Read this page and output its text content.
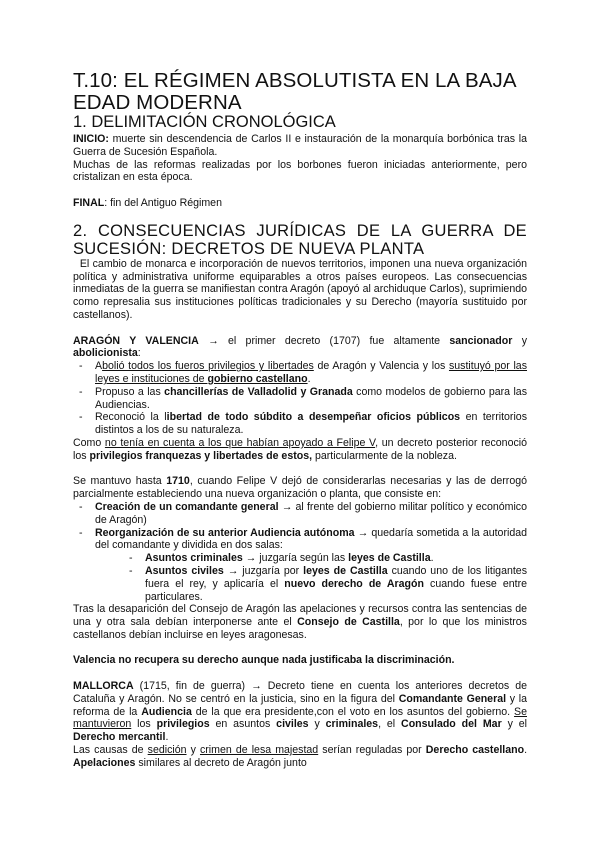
T.10: EL RÉGIMEN ABSOLUTISTA EN LA BAJA EDAD MODERNA
1. DELIMITACIÓN CRONOLÓGICA

INICIO: muerte sin descendencia de Carlos II e instauración de la monarquía borbónica tras la Guerra de Sucesión Española.

Muchas de las reformas realizadas por los borbones fueron iniciadas anteriormente, pero cristalizan en esta época.

FINAL: fin del Antiguo Régimen

2. CONSECUENCIAS JURÍDICAS DE LA GUERRA DE SUCESIÓN: DECRETOS DE NUEVA PLANTA

El cambio de monarca e incorporación de nuevos territorios, imponen una nueva organización política y administrativa uniforme equiparables a otros países europeos. Las consecuencias inmediatas de la guerra se manifiestan contra Aragón (apoyó al archiduque Carlos), suprimiendo como represalia sus instituciones políticas tradicionales y su Derecho (mayoría sustituido por castellanos).

ARAGÓN Y VALENCIA → el primer decreto (1707) fue altamente sancionador y abolicionista:

- Abolió todos los fueros privilegios y libertades de Aragón y Valencia y los sustituyó por las leyes e instituciones de gobierno castellano.
- Propuso a las chancillerías de Valladolid y Granada como modelos de gobierno para las Audiencias.
- Reconoció la libertad de todo súbdito a desempeñar oficios públicos en territorios distintos a los de su naturaleza.

Como no tenía en cuenta a los que habían apoyado a Felipe V, un decreto posterior reconoció los privilegios franquezas y libertades de estos, particularmente de la nobleza.

Se mantuvo hasta 1710, cuando Felipe V dejó de considerarlas necesarias y las de derrogó parcialmente estableciendo una nueva organización o planta, que consiste en:

- Creación de un comandante general → al frente del gobierno militar político y económico de Aragón)
- Reorganización de su anterior Audiencia autónoma → quedaría sometida a la autoridad del comandante y dividida en dos salas:
- Asuntos criminales → juzgaría según las leyes de Castilla.
- Asuntos civiles → juzgaría por leyes de Castilla cuando uno de los litigantes fuera el rey, y aplicaría el nuevo derecho de Aragón cuando fuese entre particulares.

Tras la desaparición del Consejo de Aragón las apelaciones y recursos contra las sentencias de una y otra sala debían interponerse ante el Consejo de Castilla, por lo que los ministros castellanos debían incluirse en leyes aragonesas.

Valencia no recupera su derecho aunque nada justificaba la discriminación.

MALLORCA (1715, fin de guerra) → Decreto tiene en cuenta los anteriores decretos de Cataluña y Aragón. No se centró en la justicia, sino en la figura del Comandante General y la reforma de la Audiencia de la que era presidente,con el voto en los asuntos del gobierno. Se mantuvieron los privilegios en asuntos civiles y criminales, el Consulado del Mar y el Derecho mercantil.

Las causas de sedición y crimen de lesa majestad serían reguladas por Derecho castellano. Apelaciones similares al decreto de Aragón junto
